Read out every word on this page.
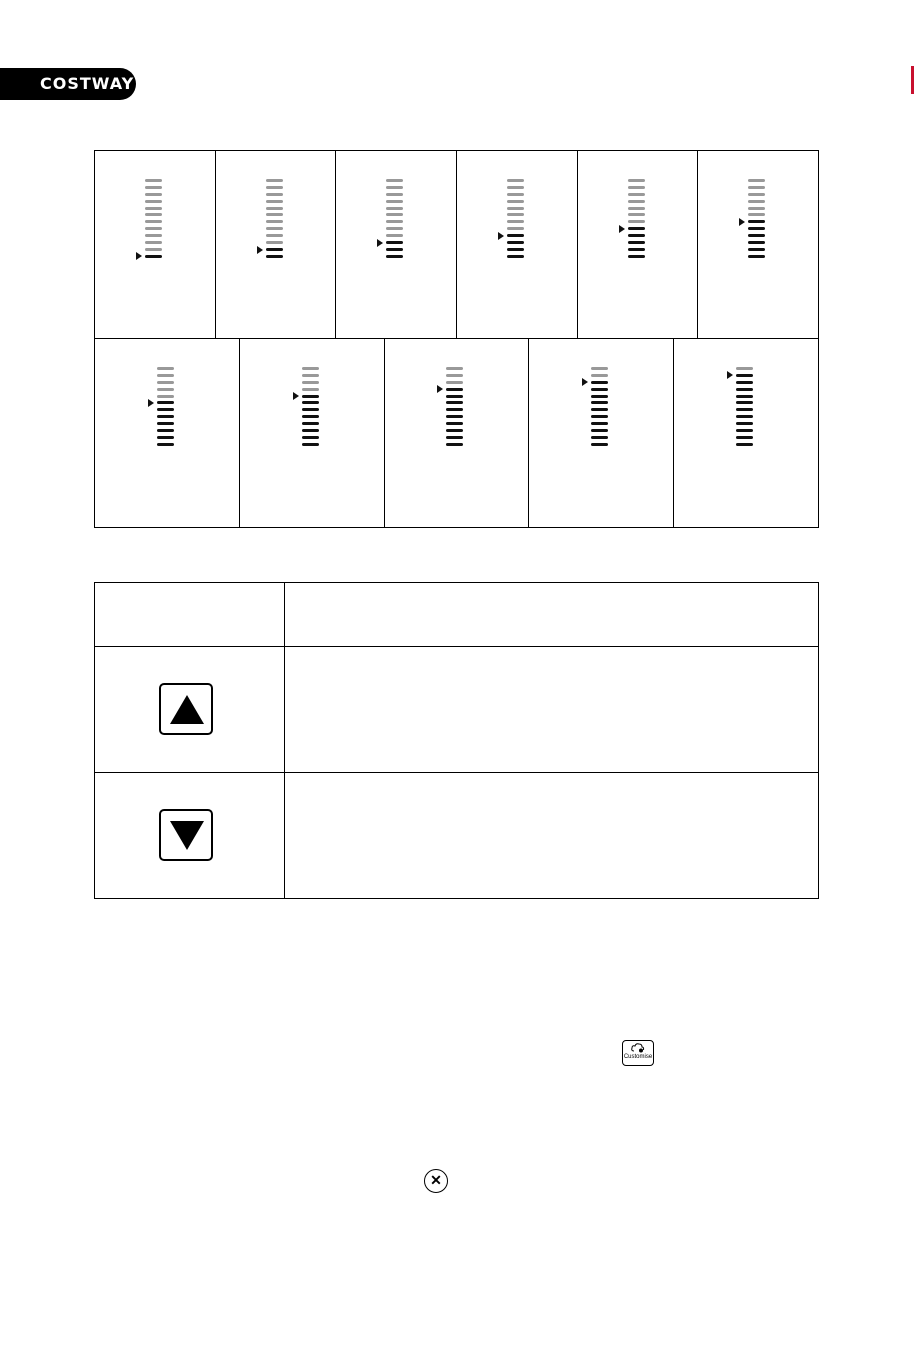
COSTWAY
Customise
✕
